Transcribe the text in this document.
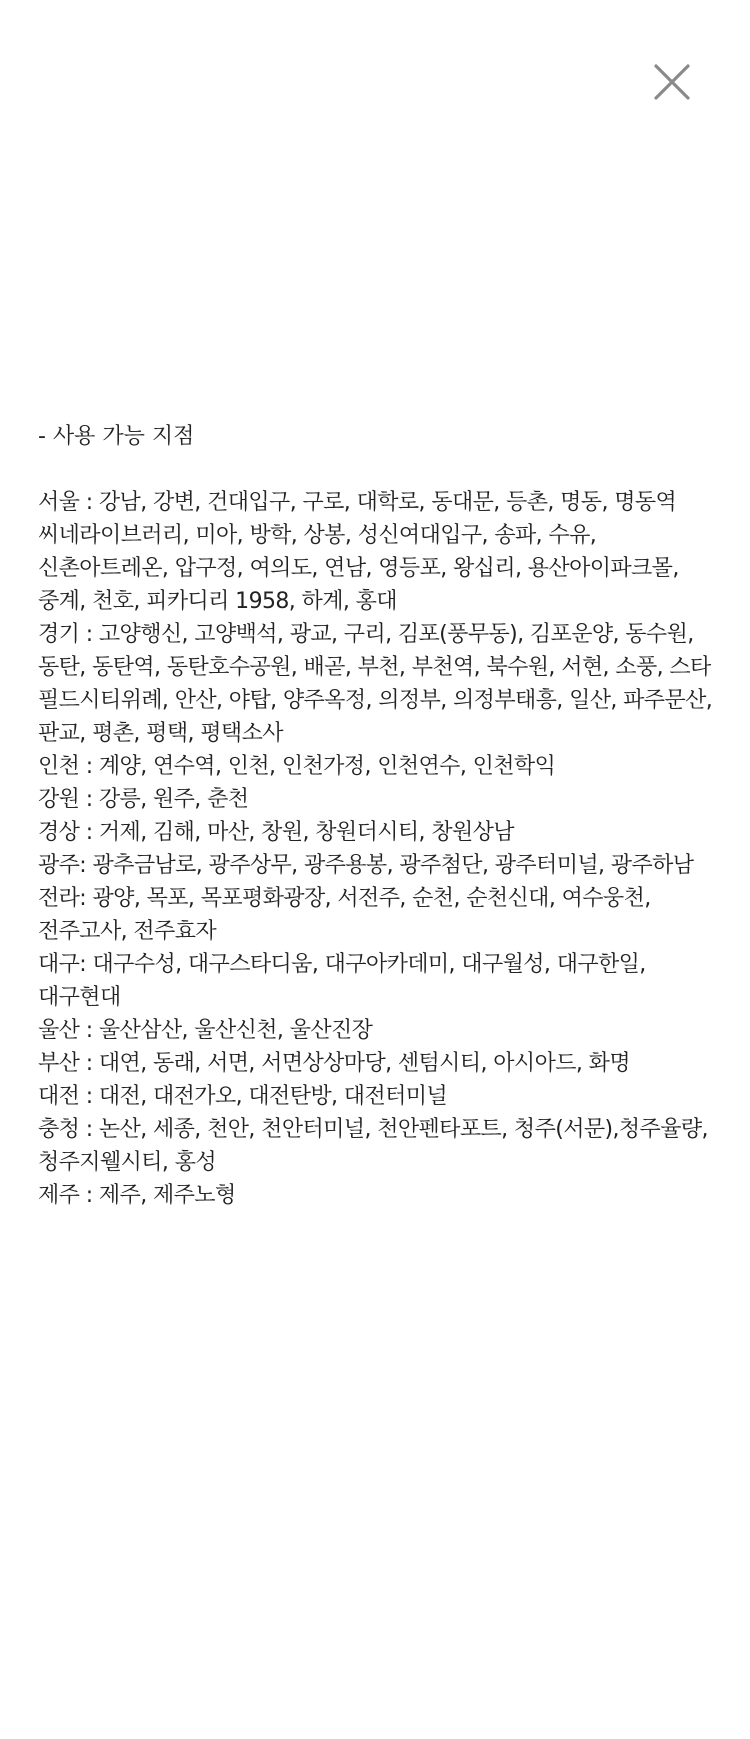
- 사용 가능 지점

서울 : 강남, 강변, 건대입구, 구로, 대학로, 동대문, 등촌, 명동, 명동역 씨네라이브러리, 미아, 방학, 상봉, 성신여대입구, 송파, 수유, 신촌아트레온, 압구정, 여의도, 연남, 영등포, 왕십리, 용산아이파크몰, 중계, 천호, 피카디리 1958, 하계, 홍대

경기 : 고양행신, 고양백석, 광교, 구리, 김포(풍무동), 김포운양, 동수원, 동탄, 동탄역, 동탄호수공원, 배곧, 부천, 부천역, 북수원, 서현, 소풍, 스타 필드시티위례, 안산, 야탑, 양주옥정, 의정부, 의정부태흥, 일산, 파주문산, 판교, 평촌, 평택, 평택소사

인천 : 계양, 연수역, 인천, 인천가정, 인천연수, 인천학익

강원 : 강릉, 원주, 춘천

경상 : 거제, 김해, 마산, 창원, 창원더시티, 창원상남

광주: 광추금남로, 광주상무, 광주용봉, 광주첨단, 광주터미널, 광주하남

전라: 광양, 목포, 목포평화광장, 서전주, 순천, 순천신대, 여수웅천, 전주고사, 전주효자

대구: 대구수성, 대구스타디움, 대구아카데미, 대구월성, 대구한일, 대구현대

울산 : 울산삼산, 울산신천, 울산진장

부산 : 대연, 동래, 서면, 서면상상마당, 센텀시티, 아시아드, 화명

대전 : 대전, 대전가오, 대전탄방, 대전터미널

충청 : 논산, 세종, 천안, 천안터미널, 천안펜타포트, 청주(서문),청주율량, 청주지웰시티, 홍성

제주 : 제주, 제주노형
